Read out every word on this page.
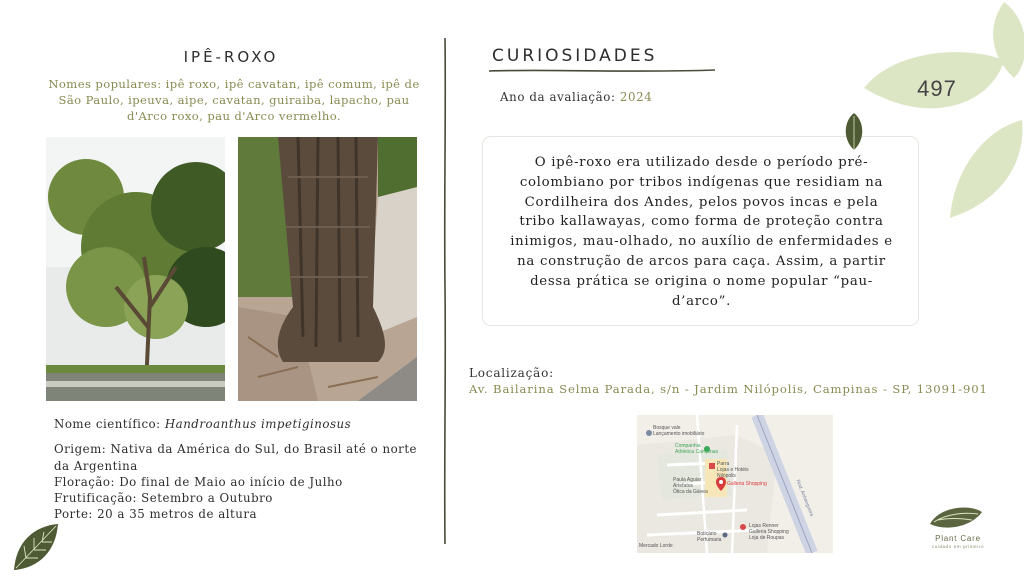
497
IPÊ-ROXO
Nomes populares: ipê roxo, ipê cavatan, ipê comum, ipê de São Paulo, ipeuva, aipe, cavatan, guiraiba, lapacho, pau d'Arco roxo, pau d'Arco vermelho.

Nome científico: Handroanthus impetiginosus

Origem: Nativa da América do Sul, do Brasil até o norte da Argentina

Floração: Do final de Maio ao início de Julho

Frutificação: Setembro a Outubro

Porte: 20 a 35 metros de altura

CURIOSIDADES
Ano da avaliação: 2024
O ipê-roxo era utilizado desde o período pré-colombiano por tribos indígenas que residiam na Cordilheira dos Andes, pelos povos incas e pela tribo kallawayas, como forma de proteção contra inimigos, mau-olhado, no auxílio de enfermidades e na construção de arcos para caça. Assim, a partir dessa prática se origina o nome popular “pau-d’arco”.
Localização:
Av. Bailarina Selma Parada, s/n - Jardim Nilópolis, Campinas - SP, 13091-901
Bosque vale
Lançamento imobiliário
Companhia
Athletica Campinas
Parra
Lojas e Hotéis
Nilópolis
Galleria Shopping
Paula Aguiar
Artefatos
Ótica da Gávea
Lojas Renner
Galleria Shopping
Loja de Roupas
Boticário
Perfumaria
Mercado Lorde
Rod. Anhanguera
Plant Care
cuidado em primeiro
